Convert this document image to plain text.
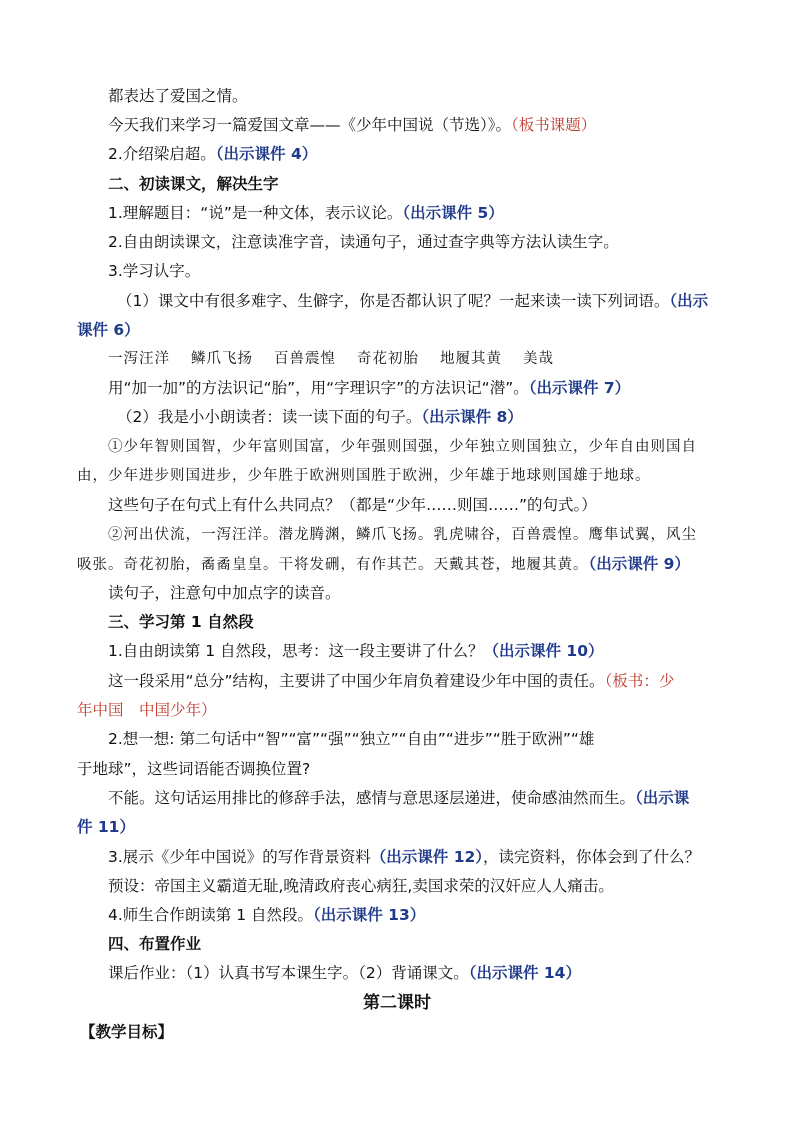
都表达了爱国之情。
今天我们来学习一篇爱国文章——《少年中国说（节选）》。（板书课题）
2.介绍梁启超。（出示课件 4）
二、初读课文，解决生字
1.理解题目：“说”是一种文体，表示议论。（出示课件 5）
2.自由朗读课文，注意读准字音，读通句子，通过查字典等方法认读生字。
3.学习认字。
（1）课文中有很多难字、生僻字，你是否都认识了呢？一起来读一读下列词语。（出示
课件 6）
一泻汪洋 鳞爪飞扬 百兽震惶 奇花初胎 地履其黄 美哉
用“加一加”的方法识记“胎”，用“字理识字”的方法识记“潜”。（出示课件 7）
（2）我是小小朗读者：读一读下面的句子。（出示课件 8）
①少年智则国智，少年富则国富，少年强则国强，少年独立则国独立，少年自由则国自
由，少年进步则国进步，少年胜于欧洲则国胜于欧洲，少年雄于地球则国雄于地球。
这些句子在句式上有什么共同点？（都是“少年……则国……”的句式。）
②河出伏流，一泻汪洋。潜龙腾渊，鳞爪飞扬。乳虎啸谷，百兽震惶。鹰隼试翼，风尘
吸张。奇花初胎，矞矞皇皇。干将发硎，有作其芒。天戴其苍，地履其黄。（出示课件 9）
读句子，注意句中加点字的读音。
三、学习第 1 自然段
1.自由朗读第 1 自然段，思考：这一段主要讲了什么？（出示课件 10）
这一段采用“总分”结构，主要讲了中国少年肩负着建设少年中国的责任。（板书：少
年中国　中国少年）
2.想一想: 第二句话中“智”“富”“强”“独立”“自由”“进步”“胜于欧洲”“雄
于地球”，这些词语能否调换位置?
不能。这句话运用排比的修辞手法，感情与意思逐层递进，使命感油然而生。（出示课
件 11）
3.展示《少年中国说》的写作背景资料（出示课件 12），读完资料，你体会到了什么？
预设：帝国主义霸道无耻,晚清政府丧心病狂,卖国求荣的汉奸应人人痛击。
4.师生合作朗读第 1 自然段。（出示课件 13）
四、布置作业
课后作业：（1）认真书写本课生字。（2）背诵课文。（出示课件 14）
第二课时
【教学目标】
